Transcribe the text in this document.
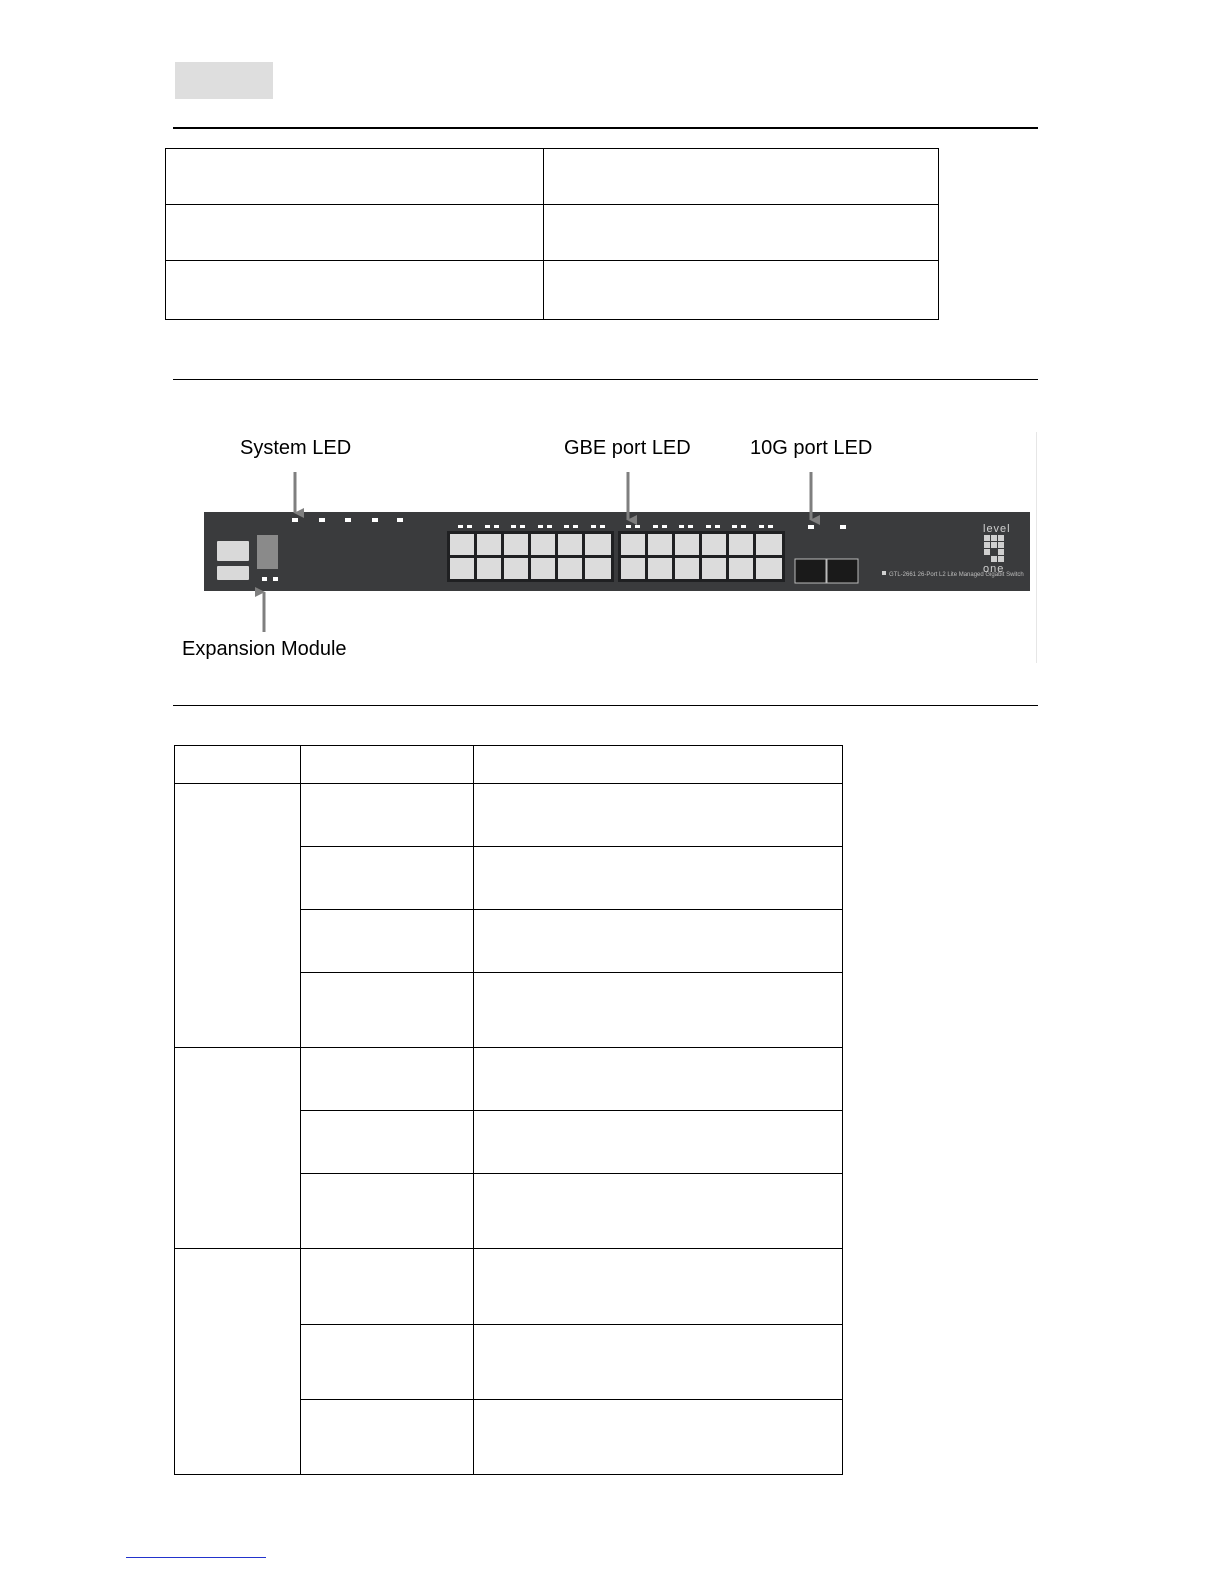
level
one
GTL-2661 26-Port L2 Lite Managed Gigabit Switch
System LED	GBE port LED	10G port LED
Expansion Module
